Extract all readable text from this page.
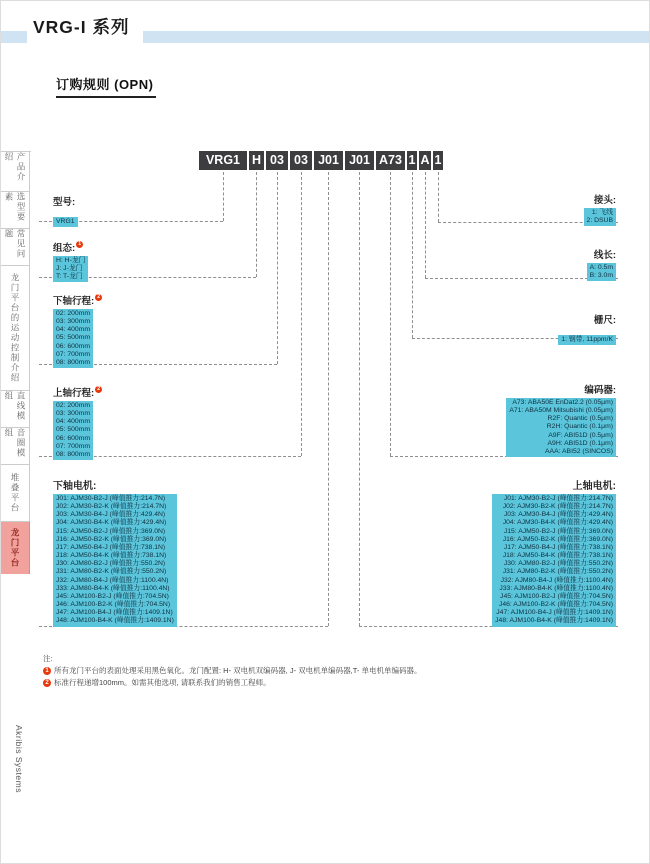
VRG-I 系列
订购规则 (OPN)
VRG1 H 03 03 J01 J01 A73 1 A 1
型号:
VRG1
组态: 1
H: H-龙门
J: J-龙门
T: T-龙门
下轴行程: 2
02: 200mm
03: 300mm
04: 400mm
05: 500mm
06: 600mm
07: 700mm
08: 800mm
上轴行程: 2
02: 200mm
03: 300mm
04: 400mm
05: 500mm
06: 600mm
07: 700mm
08: 800mm
下轴电机:
J01: AJM30-B2-J (峰值推力:214.7N)
J02: AJM30-B2-K (峰值推力:214.7N)
J03: AJM30-B4-J (峰值推力:429.4N)
J04: AJM30-B4-K (峰值推力:429.4N)
J15: AJM50-B2-J (峰值推力:369.0N)
J16: AJM50-B2-K (峰值推力:369.0N)
J17: AJM50-B4-J (峰值推力:738.1N)
J18: AJM50-B4-K (峰值推力:738.1N)
J30: AJM80-B2-J (峰值推力:550.2N)
J31: AJM80-B2-K (峰值推力:550.2N)
J32: AJM80-B4-J (峰值推力:1100.4N)
J33: AJM80-B4-K (峰值推力:1100.4N)
J45: AJM100-B2-J (峰值推力:704.5N)
J46: AJM100-B2-K (峰值推力:704.5N)
J47: AJM100-B4-J (峰值推力:1409.1N)
J48: AJM100-B4-K (峰值推力:1409.1N)
接头:
1: 飞线
2: DSUB
线长:
A: 0.5m
B: 3.0m
栅尺:
1: 钢带, 11ppm/K
编码器:
A73: ABA50E EnDat2.2 (0.05μm)
A71: ABA50M Mitsubishi (0.05μm)
R2F: Quantic (0.5μm)
R2H: Quantic (0.1μm)
A9F: ABI51D (0.5μm)
A9H: ABI51D (0.1μm)
AAA: ABI52 (SINCOS)
上轴电机:
J01: AJM30-B2-J (峰值推力:214.7N)
J02: AJM30-B2-K (峰值推力:214.7N)
J03: AJM30-B4-J (峰值推力:429.4N)
J04: AJM30-B4-K (峰值推力:429.4N)
J15: AJM50-B2-J (峰值推力:369.0N)
J16: AJM50-B2-K (峰值推力:369.0N)
J17: AJM50-B4-J (峰值推力:738.1N)
J18: AJM50-B4-K (峰值推力:738.1N)
J30: AJM80-B2-J (峰值推力:550.2N)
J31: AJM80-B2-K (峰值推力:550.2N)
J32: AJM80-B4-J (峰值推力:1100.4N)
J33: AJM80-B4-K (峰值推力:1100.4N)
J45: AJM100-B2-J (峰值推力:704.5N)
J46: AJM100-B2-K (峰值推力:704.5N)
J47: AJM100-B4-J (峰值推力:1409.1N)
J48: AJM100-B4-K (峰值推力:1409.1N)
注:
1 所有龙门平台的表面处理采用黑色氧化。龙门配置: H- 双电机双编码器, J- 双电机单编码器,T- 单电机单编码器。
2 标准行程递增100mm。如需其他选项, 请联系我们的销售工程师。
产品介绍
选型要素
常见问题
龙门平台的运动控制介绍
直线模组
音圈模组
堆叠平台
龙门平台
Akribis Systems
